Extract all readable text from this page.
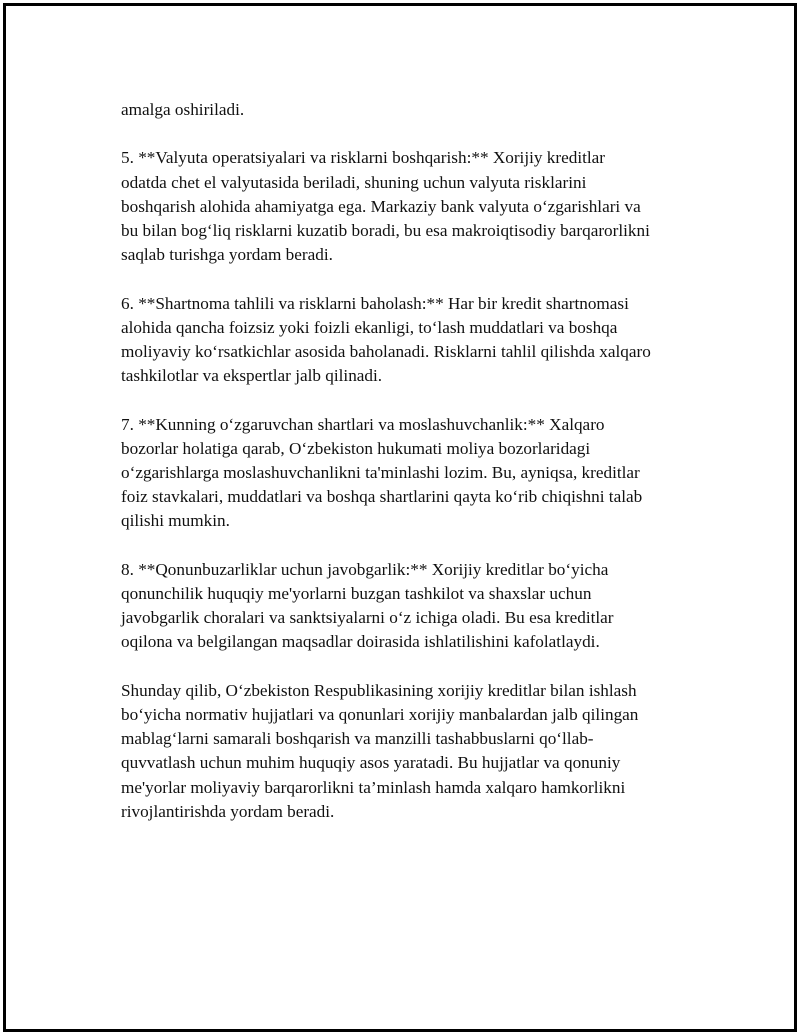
amalga oshiriladi.

5. **Valyuta operatsiyalari va risklarni boshqarish:** Xorijiy kreditlar
odatda chet el valyutasida beriladi, shuning uchun valyuta risklarini
boshqarish alohida ahamiyatga ega. Markaziy bank valyuta o‘zgarishlari va
bu bilan bog‘liq risklarni kuzatib boradi, bu esa makroiqtisodiy barqarorlikni
saqlab turishga yordam beradi.

6. **Shartnoma tahlili va risklarni baholash:** Har bir kredit shartnomasi
alohida qancha foizsiz yoki foizli ekanligi, to‘lash muddatlari va boshqa
moliyaviy ko‘rsatkichlar asosida baholanadi. Risklarni tahlil qilishda xalqaro
tashkilotlar va ekspertlar jalb qilinadi.

7. **Kunning o‘zgaruvchan shartlari va moslashuvchanlik:** Xalqaro
bozorlar holatiga qarab, O‘zbekiston hukumati moliya bozorlaridagi
o‘zgarishlarga moslashuvchanlikni ta'minlashi lozim. Bu, ayniqsa, kreditlar
foiz stavkalari, muddatlari va boshqa shartlarini qayta ko‘rib chiqishni talab
qilishi mumkin.

8. **Qonunbuzarliklar uchun javobgarlik:** Xorijiy kreditlar bo‘yicha
qonunchilik huquqiy me'yorlarni buzgan tashkilot va shaxslar uchun
javobgarlik choralari va sanktsiyalarni o‘z ichiga oladi. Bu esa kreditlar
oqilona va belgilangan maqsadlar doirasida ishlatilishini kafolatlaydi.

Shunday qilib, O‘zbekiston Respublikasining xorijiy kreditlar bilan ishlash
bo‘yicha normativ hujjatlari va qonunlari xorijiy manbalardan jalb qilingan
mablag‘larni samarali boshqarish va manzilli tashabbuslarni qo‘llab-
quvvatlash uchun muhim huquqiy asos yaratadi. Bu hujjatlar va qonuniy
me'yorlar moliyaviy barqarorlikni ta’minlash hamda xalqaro hamkorlikni
rivojlantirishda yordam beradi.
